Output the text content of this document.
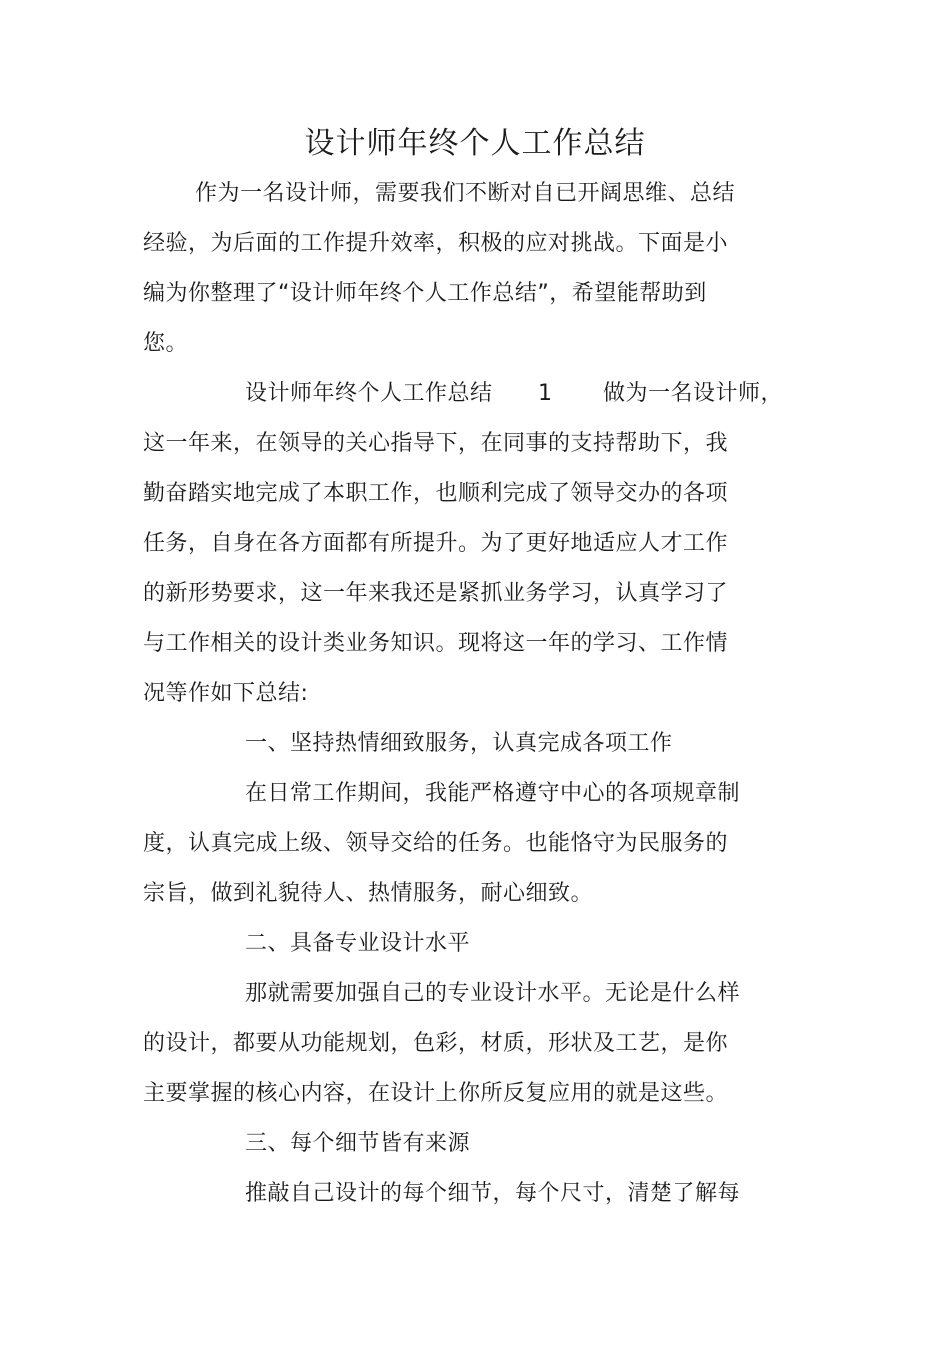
设计师年终个人工作总结

作为一名设计师，需要我们不断对自已开阔思维、总结

经验，为后面的工作提升效率，积极的应对挑战。下面是小

编为你整理了“设计师年终个人工作总结”，希望能帮助到

您。

设计师年终个人工作总结 1 做为一名设计师，

这一年来，在领导的关心指导下，在同事的支持帮助下，我

勤奋踏实地完成了本职工作，也顺利完成了领导交办的各项

任务，自身在各方面都有所提升。为了更好地适应人才工作

的新形势要求，这一年来我还是紧抓业务学习，认真学习了

与工作相关的设计类业务知识。现将这一年的学习、工作情

况等作如下总结:

一、坚持热情细致服务，认真完成各项工作

在日常工作期间，我能严格遵守中心的各项规章制

度，认真完成上级、领导交给的任务。也能恪守为民服务的

宗旨，做到礼貌待人、热情服务，耐心细致。

二、具备专业设计水平

那就需要加强自己的专业设计水平。无论是什么样

的设计，都要从功能规划，色彩，材质，形状及工艺，是你

主要掌握的核心内容，在设计上你所反复应用的就是这些。

三、每个细节皆有来源

推敲自己设计的每个细节，每个尺寸，清楚了解每
